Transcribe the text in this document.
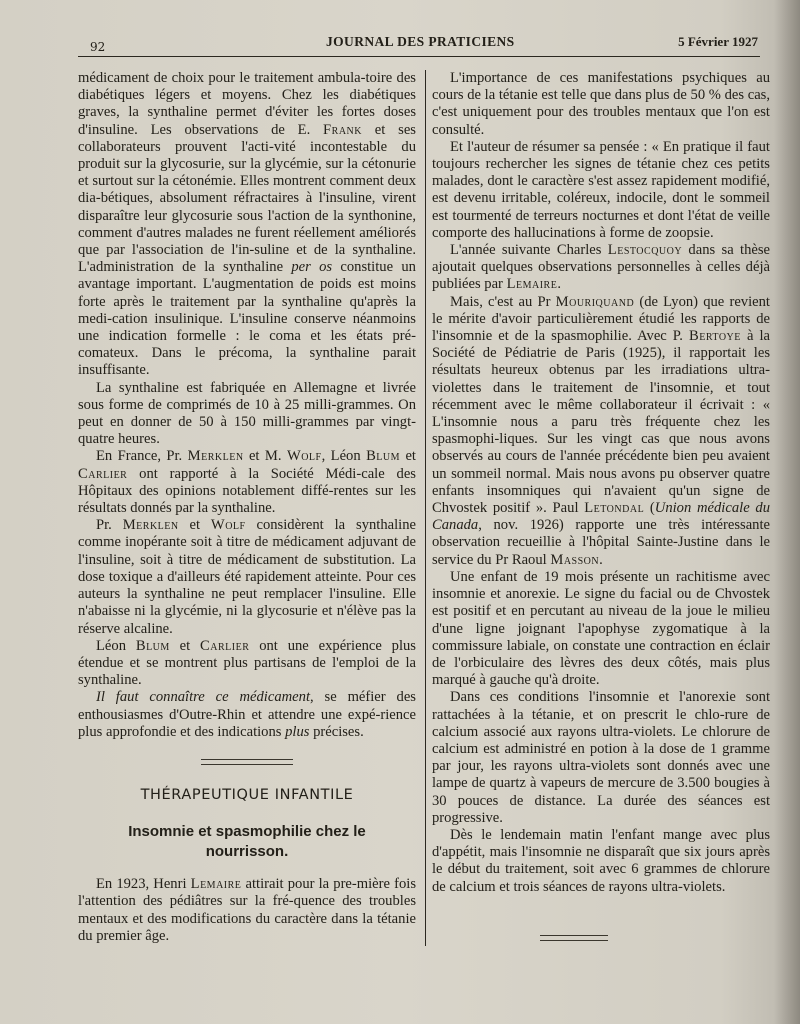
92	JOURNAL DES PRATICIENS	5 Février 1927

médicament de choix pour le traitement ambula-toire des diabétiques légers et moyens. Chez les diabétiques graves, la synthaline permet d'éviter les fortes doses d'insuline. Les observations de E. Frank et ses collaborateurs prouvent l'acti-vité incontestable du produit sur la glycosurie, sur la glycémie, sur la cétonurie et surtout sur la cétonémie. Elles montrent comment deux dia-bétiques, absolument réfractaires à l'insuline, virent disparaître leur glycosurie sous l'action de la synthonine, comment d'autres malades ne furent réellement améliorés que par l'association de l'in-suline et de la synthaline. L'administration de la synthaline per os constitue un avantage important. L'augmentation de poids est moins forte après le traitement par la synthaline qu'après la medi-cation insulinique. L'insuline conserve néanmoins une indication formelle : le coma et les états pré-comateux. Dans le précoma, la synthaline parait insuffisante.

La synthaline est fabriquée en Allemagne et livrée sous forme de comprimés de 10 à 25 milli-grammes. On peut en donner de 50 à 150 milli-grammes par vingt-quatre heures.

En France, Pr. Merklen et M. Wolf, Léon Blum et Carlier ont rapporté à la Société Médi-cale des Hôpitaux des opinions notablement diffé-rentes sur les résultats donnés par la synthaline.

Pr. Merklen et Wolf considèrent la synthaline comme inopérante soit à titre de médicament adjuvant de l'insuline, soit à titre de médicament de substitution. La dose toxique a d'ailleurs été rapidement atteinte. Pour ces auteurs la synthaline ne peut remplacer l'insuline. Elle n'abaisse ni la glycémie, ni la glycosurie et n'élève pas la réserve alcaline.

Léon Blum et Carlier ont une expérience plus étendue et se montrent plus partisans de l'emploi de la synthaline.

Il faut connaître ce médicament, se méfier des enthousiasmes d'Outre-Rhin et attendre une expé-rience plus approfondie et des indications plus précises.

THÉRAPEUTIQUE INFANTILE

Insomnie et spasmophilie chez le nourrisson.

En 1923, Henri Lemaire attirait pour la pre-mière fois l'attention des pédiâtres sur la fré-quence des troubles mentaux et des modifications du caractère dans la tétanie du premier âge.

L'importance de ces manifestations psychiques au cours de la tétanie est telle que dans plus de 50 % des cas, c'est uniquement pour des troubles mentaux que l'on est consulté.

Et l'auteur de résumer sa pensée : « En pratique il faut toujours rechercher les signes de tétanie chez ces petits malades, dont le caractère s'est assez rapidement modifié, est devenu irritable, coléreux, indocile, dont le sommeil est tourmenté de terreurs nocturnes et dont l'état de veille comporte des hallucinations à forme de zoopsie.

L'année suivante Charles Lestocquoy dans sa thèse ajoutait quelques observations personnelles à celles déjà publiées par Lemaire.

Mais, c'est au Pr Mouriquand (de Lyon) que revient le mérite d'avoir particulièrement étudié les rapports de l'insomnie et de la spasmophilie. Avec P. Bertoye à la Société de Pédiatrie de Paris (1925), il rapportait les résultats heureux obtenus par les irradiations ultra-violettes dans le traitement de l'insomnie, et tout récemment avec le même collaborateur il écrivait : « L'insomnie nous a paru très fréquente chez les spasmophi-liques. Sur les vingt cas que nous avons observés au cours de l'année précédente bien peu avaient un sommeil normal. Mais nous avons pu observer quatre enfants insomniques qui n'avaient qu'un signe de Chvostek positif ». Paul Letondal (Union médicale du Canada, nov. 1926) rapporte une très intéressante observation recueillie à l'hôpital Sainte-Justine dans le service du Pr Raoul Masson.

Une enfant de 19 mois présente un rachitisme avec insomnie et anorexie. Le signe du facial ou de Chvostek est positif et en percutant au niveau de la joue le milieu d'une ligne joignant l'apophyse zygomatique à la commissure labiale, on constate une contraction en éclair de l'orbiculaire des lèvres des deux côtés, mais plus marqué à gauche qu'à droite.

Dans ces conditions l'insomnie et l'anorexie sont rattachées à la tétanie, et on prescrit le chlo-rure de calcium associé aux rayons ultra-violets. Le chlorure de calcium est administré en potion à la dose de 1 gramme par jour, les rayons ultra-violets sont donnés avec une lampe de quartz à vapeurs de mercure de 3.500 bougies à 30 pouces de distance. La durée des séances est progressive.

Dès le lendemain matin l'enfant mange avec plus d'appétit, mais l'insomnie ne disparaît que six jours après le début du traitement, soit avec 6 grammes de chlorure de calcium et trois séances de rayons ultra-violets.
